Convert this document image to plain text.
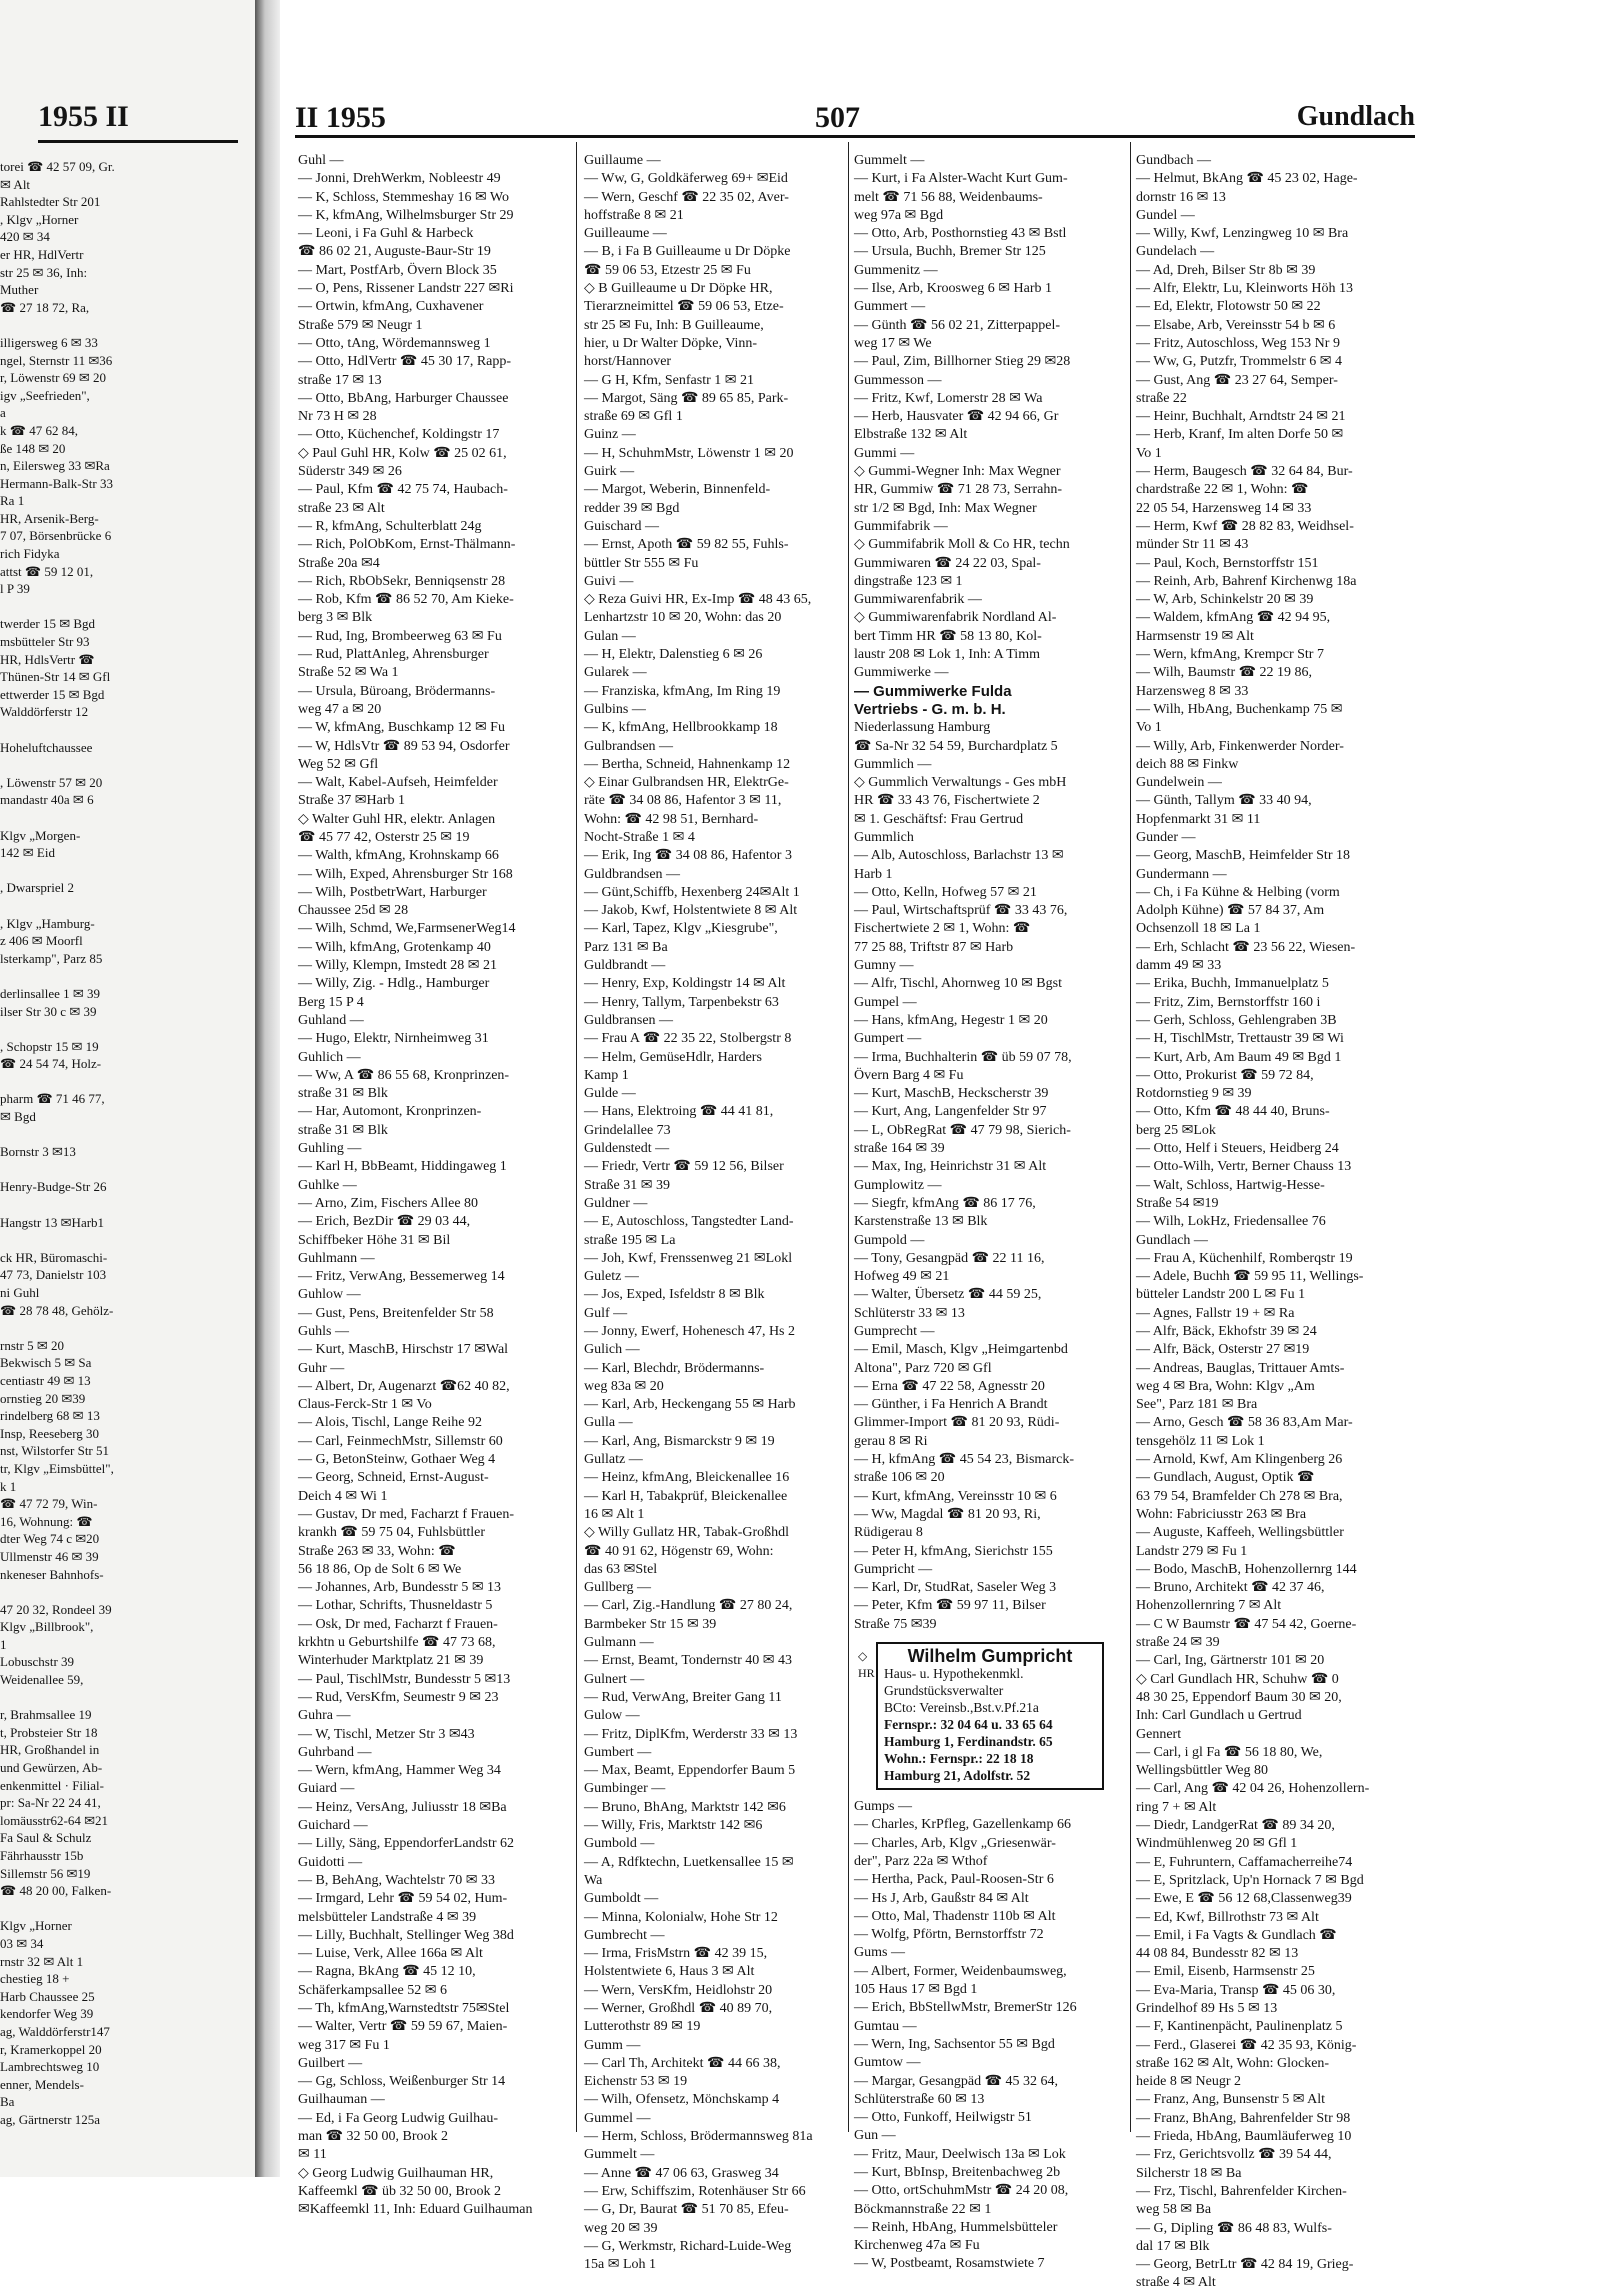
1955 II
torei ☎ 42 57 09, Gr.
✉ Alt
Rahlstedter Str 201
, Klgv „Horner
420 ✉ 34
er HR, HdlVertr
str 25 ✉ 36, Inh:
Muther
☎ 27 18 72, Ra,

illigersweg 6 ✉ 33
ngel, Sternstr 11 ✉36
r, Löwenstr 69 ✉ 20
igv „Seefrieden",
a
k ☎ 47 62 84,
ße 148 ✉ 20
n, Eilersweg 33 ✉Ra
Hermann-Balk-Str 33
Ra 1
HR, Arsenik-Berg-
7 07, Börsenbrücke 6
rich Fidyka
attst ☎ 59 12 01,
l P 39

twerder 15 ✉ Bgd
msbütteler Str 93
HR, HdlsVertr ☎
Thünen-Str 14 ✉ Gfl
ettwerder 15 ✉ Bgd
Walddörferstr 12

Hoheluftchaussee

, Löwenstr 57 ✉ 20
mandastr 40a ✉ 6

Klgv „Morgen-
142 ✉ Eid

, Dwarspriel 2

, Klgv „Hamburg-
z 406 ✉ Moorfl
lsterkamp", Parz 85

derlinsallee 1 ✉ 39
ilser Str 30 c ✉ 39

, Schopstr 15 ✉ 19
☎ 24 54 74, Holz-

pharm ☎ 71 46 77,
✉ Bgd

Bornstr 3 ✉13

Henry-Budge-Str 26

Hangstr 13 ✉Harb1

ck HR, Büromaschi-
47 73, Danielstr 103
ni Guhl
☎ 28 78 48, Gehölz-

rnstr 5 ✉ 20
Bekwisch 5 ✉ Sa
centiastr 49 ✉ 13
ornstieg 20 ✉39
rindelberg 68 ✉ 13
Insp, Reeseberg 30
nst, Wilstorfer Str 51
tr, Klgv „Eimsbüttel",
k 1
☎ 47 72 79, Win-
16, Wohnung: ☎
dter Weg 74 c ✉20
Ullmenstr 46 ✉ 39
nkeneser Bahnhofs-

47 20 32, Rondeel 39
Klgv „Billbrook",
1
Lobuschstr 39
Weidenallee 59,

r, Brahmsallee 19
t, Probsteier Str 18
HR, Großhandel in
und Gewürzen, Ab-
enkenmittel · Filial-
pr: Sa-Nr 22 24 41,
lomäusstr62-64 ✉21
Fa Saul & Schulz
Fährhausstr 15b
Sillemstr 56 ✉19
☎ 48 20 00, Falken-

Klgv „Horner
03 ✉ 34
rnstr 32 ✉ Alt 1
chestieg 18 +
Harb Chaussee 25
kendorfer Weg 39
ag, Walddörferstr147
r, Kramerkoppel 20
Lambrechtsweg 10
enner, Mendels-
Ba
ag, Gärtnerstr 125a
II 1955	507	Gundlach
Guhl —
— Jonni, DrehWerkm, Nobleestr 49
— K, Schloss, Stemmeshay 16 ✉ Wo
— K, kfmAng, Wilhelmsburger Str 29
— Leoni, i Fa Guhl & Harbeck
☎ 86 02 21, Auguste-Baur-Str 19
— Mart, PostfArb, Övern Block 35
— O, Pens, Rissener Landstr 227 ✉Ri
— Ortwin, kfmAng, Cuxhavener
Straße 579 ✉ Neugr 1
— Otto, tAng, Wördemannsweg 1
— Otto, HdlVertr ☎ 45 30 17, Rapp-
straße 17 ✉ 13
— Otto, BbAng, Harburger Chaussee
Nr 73 H ✉ 28
— Otto, Küchenchef, Koldingstr 17
◇ Paul Guhl HR, Kolw ☎ 25 02 61,
Süderstr 349 ✉ 26
— Paul, Kfm ☎ 42 75 74, Haubach-
straße 23 ✉ Alt
— R, kfmAng, Schulterblatt 24g
— Rich, PolObKom, Ernst-Thälmann-
Straße 20a ✉4
— Rich, RbObSekr, Benniqsenstr 28
— Rob, Kfm ☎ 86 52 70, Am Kieke-
berg 3 ✉ Blk
— Rud, Ing, Brombeerweg 63 ✉ Fu
— Rud, PlattAnleg, Ahrensburger
Straße 52 ✉ Wa 1
— Ursula, Büroang, Brödermanns-
weg 47 a ✉ 20
— W, kfmAng, Buschkamp 12 ✉ Fu
— W, HdlsVtr ☎ 89 53 94, Osdorfer
Weg 52 ✉ Gfl
— Walt, Kabel-Aufseh, Heimfelder
Straße 37 ✉Harb 1
◇ Walter Guhl HR, elektr. Anlagen
☎ 45 77 42, Osterstr 25 ✉ 19
— Walth, kfmAng, Krohnskamp 66
— Wilh, Exped, Ahrensburger Str 168
— Wilh, PostbetrWart, Harburger
Chaussee 25d ✉ 28
— Wilh, Schmd, We,FarmsenerWeg14
— Wilh, kfmAng, Grotenkamp 40
— Willy, Klempn, Imstedt 28 ✉ 21
— Willy, Zig. - Hdlg., Hamburger
Berg 15 P 4
Guhland —
— Hugo, Elektr, Nirnheimweg 31
Guhlich —
— Ww, A ☎ 86 55 68, Kronprinzen-
straße 31 ✉ Blk
— Har, Automont, Kronprinzen-
straße 31 ✉ Blk
Guhling —
— Karl H, BbBeamt, Hiddingaweg 1
Guhlke —
— Arno, Zim, Fischers Allee 80
— Erich, BezDir ☎ 29 03 44,
Schiffbeker Höhe 31 ✉ Bil
Guhlmann —
— Fritz, VerwAng, Bessemerweg 14
Guhlow —
— Gust, Pens, Breitenfelder Str 58
Guhls —
— Kurt, MaschB, Hirschstr 17 ✉Wal
Guhr —
— Albert, Dr, Augenarzt ☎62 40 82,
Claus-Ferck-Str 1 ✉ Vo
— Alois, Tischl, Lange Reihe 92
— Carl, FeinmechMstr, Sillemstr 60
— G, BetonSteinw, Gothaer Weg 4
— Georg, Schneid, Ernst-August-
Deich 4 ✉ Wi 1
— Gustav, Dr med, Facharzt f Frauen-
krankh ☎ 59 75 04, Fuhlsbüttler
Straße 263 ✉ 33, Wohn: ☎
56 18 86, Op de Solt 6 ✉ We
— Johannes, Arb, Bundesstr 5 ✉ 13
— Lothar, Schrifts, Thusneldastr 5
— Osk, Dr med, Facharzt f Frauen-
krkhtn u Geburtshilfe ☎ 47 73 68,
Winterhuder Marktplatz 21 ✉ 39
— Paul, TischlMstr, Bundesstr 5 ✉13
— Rud, VersKfm, Seumestr 9 ✉ 23
Guhra —
— W, Tischl, Metzer Str 3 ✉43
Guhrband —
— Wern, kfmAng, Hammer Weg 34
Guiard —
— Heinz, VersAng, Juliusstr 18 ✉Ba
Guichard —
— Lilly, Säng, EppendorferLandstr 62
Guidotti —
— B, BehAng, Wachtelstr 70 ✉ 33
— Irmgard, Lehr ☎ 59 54 02, Hum-
melsbütteler Landstraße 4 ✉ 39
— Lilly, Buchhalt, Stellinger Weg 38d
— Luise, Verk, Allee 166a ✉ Alt
— Ragna, BkAng ☎ 45 12 10,
Schäferkampsallee 52 ✉ 6
— Th, kfmAng,Warnstedtstr 75✉Stel
— Walter, Vertr ☎ 59 59 67, Maien-
weg 317 ✉ Fu 1
Guilbert —
— Gg, Schloss, Weißenburger Str 14
Guilhauman —
— Ed, i Fa Georg Ludwig Guilhau-
man ☎ 32 50 00, Brook 2
✉ 11
◇ Georg Ludwig Guilhauman HR,
Kaffeemkl ☎ üb 32 50 00, Brook 2
✉Kaffeemkl 11, Inh: Eduard Guilhauman
Guillaume —
— Ww, G, Goldkäferweg 69+ ✉Eid
— Wern, Geschf ☎ 22 35 02, Aver-
hoffstraße 8 ✉ 21
Guilleaume —
— B, i Fa B Guilleaume u Dr Döpke
☎ 59 06 53, Etzestr 25 ✉ Fu
◇ B Guilleaume u Dr Döpke HR,
Tierarzneimittel ☎ 59 06 53, Etze-
str 25 ✉ Fu, Inh: B Guilleaume,
hier, u Dr Walter Döpke, Vinn-
horst/Hannover
— G H, Kfm, Senfastr 1 ✉ 21
— Margot, Säng ☎ 89 65 85, Park-
straße 69 ✉ Gfl 1
Guinz —
— H, SchuhmMstr, Löwenstr 1 ✉ 20
Guirk —
— Margot, Weberin, Binnenfeld-
redder 39 ✉ Bgd
Guischard —
— Ernst, Apoth ☎ 59 82 55, Fuhls-
büttler Str 555 ✉ Fu
Guivi —
◇ Reza Guivi HR, Ex-Imp ☎ 48 43 65,
Lenhartzstr 10 ✉ 20, Wohn: das 20
Gulan —
— H, Elektr, Dalenstieg 6 ✉ 26
Gularek —
— Franziska, kfmAng, Im Ring 19
Gulbins —
— K, kfmAng, Hellbrookkamp 18
Gulbrandsen —
— Bertha, Schneid, Hahnenkamp 12
◇ Einar Gulbrandsen HR, ElektrGe-
räte ☎ 34 08 86, Hafentor 3 ✉ 11,
Wohn: ☎ 42 98 51, Bernhard-
Nocht-Straße 1 ✉ 4
— Erik, Ing ☎ 34 08 86, Hafentor 3
Guldbrandsen —
— Günt,Schiffb, Hexenberg 24✉Alt 1
— Jakob, Kwf, Holstentwiete 8 ✉ Alt
— Karl, Tapez, Klgv „Kiesgrube",
Parz 131 ✉ Ba
Guldbrandt —
— Henry, Exp, Koldingstr 14 ✉ Alt
— Henry, Tallym, Tarpenbekstr 63
Guldbransen —
— Frau A ☎ 22 35 22, Stolbergstr 8
— Helm, GemüseHdlr, Harders
Kamp 1
Gulde —
— Hans, Elektroing ☎ 44 41 81,
Grindelallee 73
Guldenstedt —
— Friedr, Vertr ☎ 59 12 56, Bilser
Straße 31 ✉ 39
Guldner —
— E, Autoschloss, Tangstedter Land-
straße 195 ✉ La
— Joh, Kwf, Frenssenweg 21 ✉Lokl
Guletz —
— Jos, Exped, Isfeldstr 8 ✉ Blk
Gulf —
— Jonny, Ewerf, Hohenesch 47, Hs 2
Gulich —
— Karl, Blechdr, Brödermanns-
weg 83a ✉ 20
— Karl, Arb, Heckengang 55 ✉ Harb
Gulla —
— Karl, Ang, Bismarckstr 9 ✉ 19
Gullatz —
— Heinz, kfmAng, Bleickenallee 16
— Karl H, Tabakprüf, Bleickenallee
16 ✉ Alt 1
◇ Willy Gullatz HR, Tabak-Großhdl
☎ 40 91 62, Högenstr 69, Wohn:
das 63 ✉Stel
Gullberg —
— Carl, Zig.-Handlung ☎ 27 80 24,
Barmbeker Str 15 ✉ 39
Gulmann —
— Ernst, Beamt, Tondernstr 40 ✉ 43
Gulnert —
— Rud, VerwAng, Breiter Gang 11
Gulow —
— Fritz, DiplKfm, Werderstr 33 ✉ 13
Gumbert —
— Max, Beamt, Eppendorfer Baum 5
Gumbinger —
— Bruno, BhAng, Marktstr 142 ✉6
— Willy, Fris, Marktstr 142 ✉6
Gumbold —
— A, Rdfktechn, Luetkensallee 15 ✉
Wa
Gumboldt —
— Minna, Kolonialw, Hohe Str 12
Gumbrecht —
— Irma, FrisMstrn ☎ 42 39 15,
Holstentwiete 6, Haus 3 ✉ Alt
— Wern, VersKfm, Heidlohstr 20
— Werner, Großhdl ☎ 40 89 70,
Lutterothstr 89 ✉ 19
Gumm —
— Carl Th, Architekt ☎ 44 66 38,
Eichenstr 53 ✉ 19
— Wilh, Ofensetz, Mönchskamp 4
Gummel —
— Herm, Schloss, Brödermannsweg 81a
Gummelt —
— Anne ☎ 47 06 63, Grasweg 34
— Erw, Schiffszim, Rotenhäuser Str 66
— G, Dr, Baurat ☎ 51 70 85, Efeu-
weg 20 ✉ 39
— G, Werkmstr, Richard-Luide-Weg
15a ✉ Loh 1
Gummelt —
— Kurt, i Fa Alster-Wacht Kurt Gum-
melt ☎ 71 56 88, Weidenbaums-
weg 97a ✉ Bgd
— Otto, Arb, Posthornstieg 43 ✉ Bstl
— Ursula, Buchh, Bremer Str 125
Gummenitz —
— Ilse, Arb, Kroosweg 6 ✉ Harb 1
Gummert —
— Günth ☎ 56 02 21, Zitterpappel-
weg 17 ✉ We
— Paul, Zim, Billhorner Stieg 29 ✉28
Gummesson —
— Fritz, Kwf, Lomerstr 28 ✉ Wa
— Herb, Hausvater ☎ 42 94 66, Gr
Elbstraße 132 ✉ Alt
Gummi —
◇ Gummi-Wegner Inh: Max Wegner
HR, Gummiw ☎ 71 28 73, Serrahn-
str 1/2 ✉ Bgd, Inh: Max Wegner
Gummifabrik —
◇ Gummifabrik Moll & Co HR, techn
Gummiwaren ☎ 24 22 03, Spal-
dingstraße 123 ✉ 1
Gummiwarenfabrik —
◇ Gummiwarenfabrik Nordland Al-
bert Timm HR ☎ 58 13 80, Kol-
laustr 208 ✉ Lok 1, Inh: A Timm
Gummiwerke —
— Gummiwerke Fulda
Vertriebs - G. m. b. H.
Niederlassung Hamburg
☎ Sa-Nr 32 54 59, Burchardplatz 5
Gummlich —
◇ Gummlich Verwaltungs - Ges mbH
HR ☎ 33 43 76, Fischertwiete 2
✉ 1. Geschäftsf: Frau Gertrud
Gummlich
— Alb, Autoschloss, Barlachstr 13 ✉
Harb 1
— Otto, Kelln, Hofweg 57 ✉ 21
— Paul, Wirtschaftsprüf ☎ 33 43 76,
Fischertwiete 2 ✉ 1, Wohn: ☎
77 25 88, Triftstr 87 ✉ Harb
Gumny —
— Alfr, Tischl, Ahornweg 10 ✉ Bgst
Gumpel —
— Hans, kfmAng, Hegestr 1 ✉ 20
Gumpert —
— Irma, Buchhalterin ☎ üb 59 07 78,
Övern Barg 4 ✉ Fu
— Kurt, MaschB, Heckscherstr 39
— Kurt, Ang, Langenfelder Str 97
— L, ObRegRat ☎ 47 79 98, Sierich-
straße 164 ✉ 39
— Max, Ing, Heinrichstr 31 ✉ Alt
Gumplowitz —
— Siegfr, kfmAng ☎ 86 17 76,
Karstenstraße 13 ✉ Blk
Gumpold —
— Tony, Gesangpäd ☎ 22 11 16,
Hofweg 49 ✉ 21
— Walter, Übersetz ☎ 44 59 25,
Schlüterstr 33 ✉ 13
Gumprecht —
— Emil, Masch, Klgv „Heimgartenbd
Altona", Parz 720 ✉ Gfl
— Erna ☎ 47 22 58, Agnesstr 20
— Günther, i Fa Henrich A Brandt
Glimmer-Import ☎ 81 20 93, Rüdi-
gerau 8 ✉ Ri
— H, kfmAng ☎ 45 54 23, Bismarck-
straße 106 ✉ 20
— Kurt, kfmAng, Vereinsstr 10 ✉ 6
— Ww, Magdal ☎ 81 20 93, Ri,
Rüdigerau 8
— Peter H, kfmAng, Sierichstr 155
Gumpricht —
— Karl, Dr, StudRat, Saseler Weg 3
— Peter, Kfm ☎ 59 97 11, Bilser
Straße 75 ✉39
◇ HR
Wilhelm Gumpricht
Haus- u. Hypothekenmkl.
Grundstücksverwalter
BCto: Vereinsb.,Bst.v.Pf.21a
Fernspr.: 32 04 64 u. 33 65 64
Hamburg 1, Ferdinandstr. 65
Wohn.: Fernspr.: 22 18 18
Hamburg 21, Adolfstr. 52
Gumps —
— Charles, KrPfleg, Gazellenkamp 66
— Charles, Arb, Klgv „Griesenwär-
der", Parz 22a ✉ Wthof
— Hertha, Pack, Paul-Roosen-Str 6
— Hs J, Arb, Gaußstr 84 ✉ Alt
— Otto, Mal, Thadenstr 110b ✉ Alt
— Wolfg, Pförtn, Bernstorffstr 72
Gums —
— Albert, Former, Weidenbaumsweg,
105 Haus 17 ✉ Bgd 1
— Erich, BbStellwMstr, BremerStr 126
Gumtau —
— Wern, Ing, Sachsentor 55 ✉ Bgd
Gumtow —
— Margar, Gesangpäd ☎ 45 32 64,
Schlüterstraße 60 ✉ 13
— Otto, Funkoff, Heilwigstr 51
Gun —
— Fritz, Maur, Deelwisch 13a ✉ Lok
— Kurt, BbInsp, Breitenbachweg 2b
— Otto, ortSchuhmMstr ☎ 24 20 08,
Böckmannstraße 22 ✉ 1
— Reinh, HbAng, Hummelsbütteler
Kirchenweg 47a ✉ Fu
— W, Postbeamt, Rosamstwiete 7
Gundbach —
— Helmut, BkAng ☎ 45 23 02, Hage-
dornstr 16 ✉ 13
Gundel —
— Willy, Kwf, Lenzingweg 10 ✉ Bra
Gundelach —
— Ad, Dreh, Bilser Str 8b ✉ 39
— Alfr, Elektr, Lu, Kleinworts Höh 13
— Ed, Elektr, Flotowstr 50 ✉ 22
— Elsabe, Arb, Vereinsstr 54 b ✉ 6
— Fritz, Autoschloss, Weg 153 Nr 9
— Ww, G, Putzfr, Trommelstr 6 ✉ 4
— Gust, Ang ☎ 23 27 64, Semper-
straße 22
— Heinr, Buchhalt, Arndtstr 24 ✉ 21
— Herb, Kranf, Im alten Dorfe 50 ✉
Vo 1
— Herm, Baugesch ☎ 32 64 84, Bur-
chardstraße 22 ✉ 1, Wohn: ☎
22 05 54, Harzensweg 14 ✉ 33
— Herm, Kwf ☎ 28 82 83, Weidhsel-
münder Str 11 ✉ 43
— Paul, Koch, Bernstorffstr 151
— Reinh, Arb, Bahrenf Kirchenwg 18a
— W, Arb, Schinkelstr 20 ✉ 39
— Waldem, kfmAng ☎ 42 94 95,
Harmsenstr 19 ✉ Alt
— Wern, kfmAng, Krempcr Str 7
— Wilh, Baumstr ☎ 22 19 86,
Harzensweg 8 ✉ 33
— Wilh, HbAng, Buchenkamp 75 ✉
Vo 1
— Willy, Arb, Finkenwerder Norder-
deich 88 ✉ Finkw
Gundelwein —
— Günth, Tallym ☎ 33 40 94,
Hopfenmarkt 31 ✉ 11
Gunder —
— Georg, MaschB, Heimfelder Str 18
Gundermann —
— Ch, i Fa Kühne & Helbing (vorm
Adolph Kühne) ☎ 57 84 37, Am
Ochsenzoll 18 ✉ La 1
— Erh, Schlacht ☎ 23 56 22, Wiesen-
damm 49 ✉ 33
— Erika, Buchh, Immanuelplatz 5
— Fritz, Zim, Bernstorffstr 160 i
— Gerh, Schloss, Gehlengraben 3B
— H, TischlMstr, Trettaustr 39 ✉ Wi
— Kurt, Arb, Am Baum 49 ✉ Bgd 1
— Otto, Prokurist ☎ 59 72 84,
Rotdornstieg 9 ✉ 39
— Otto, Kfm ☎ 48 44 40, Bruns-
berg 25 ✉Lok
— Otto, Helf i Steuers, Heidberg 24
— Otto-Wilh, Vertr, Berner Chauss 13
— Walt, Schloss, Hartwig-Hesse-
Straße 54 ✉19
— Wilh, LokHz, Friedensallee 76
Gundlach —
— Frau A, Küchenhilf, Romberqstr 19
— Adele, Buchh ☎ 59 95 11, Wellings-
bütteler Landstr 200 L ✉ Fu 1
— Agnes, Fallstr 19 + ✉ Ra
— Alfr, Bäck, Ekhofstr 39 ✉ 24
— Alfr, Bäck, Osterstr 27 ✉19
— Andreas, Bauglas, Trittauer Amts-
weg 4 ✉ Bra, Wohn: Klgv „Am
See", Parz 181 ✉ Bra
— Arno, Gesch ☎ 58 36 83,Am Mar-
tensgehölz 11 ✉ Lok 1
— Arnold, Kwf, Am Klingenberg 26
— Gundlach, August, Optik ☎
63 79 54, Bramfelder Ch 278 ✉ Bra,
Wohn: Fabriciusstr 263 ✉ Bra
— Auguste, Kaffeeh, Wellingsbüttler
Landstr 279 ✉ Fu 1
— Bodo, MaschB, Hohenzollernrg 144
— Bruno, Architekt ☎ 42 37 46,
Hohenzollernring 7 ✉ Alt
— C W Baumstr ☎ 47 54 42, Goerne-
straße 24 ✉ 39
— Carl, Ing, Gärtnerstr 101 ✉ 20
◇ Carl Gundlach HR, Schuhw ☎ 0
48 30 25, Eppendorf Baum 30 ✉ 20,
Inh: Carl Gundlach u Gertrud
Gennert
— Carl, i gl Fa ☎ 56 18 80, We,
Wellingsbüttler Weg 80
— Carl, Ang ☎ 42 04 26, Hohenzollern-
ring 7 + ✉ Alt
— Diedr, LandgerRat ☎ 89 34 20,
Windmühlenweg 20 ✉ Gfl 1
— E, Fuhruntern, Caffamacherreihe74
— E, Spritzlack, Up'n Hornack 7 ✉ Bgd
— Ewe, E ☎ 56 12 68,Classenweg39
— Ed, Kwf, Billrothstr 73 ✉ Alt
— Emil, i Fa Vagts & Gundlach ☎
44 08 84, Bundesstr 82 ✉ 13
— Emil, Eisenb, Harmsenstr 25
— Eva-Maria, Transp ☎ 45 06 30,
Grindelhof 89 Hs 5 ✉ 13
— F, Kantinenpächt, Paulinenplatz 5
— Ferd., Glaserei ☎ 42 35 93, König-
straße 162 ✉ Alt, Wohn: Glocken-
heide 8 ✉ Neugr 2
— Franz, Ang, Bunsenstr 5 ✉ Alt
— Franz, BhAng, Bahrenfelder Str 98
— Frieda, HbAng, Baumläuferweg 10
— Frz, Gerichtsvollz ☎ 39 54 44,
Silcherstr 18 ✉ Ba
— Frz, Tischl, Bahrenfelder Kirchen-
weg 58 ✉ Ba
— G, Dipling ☎ 86 48 83, Wulfs-
dal 17 ✉ Blk
— Georg, BetrLtr ☎ 42 84 19, Grieg-
straße 4 ✉ Alt
